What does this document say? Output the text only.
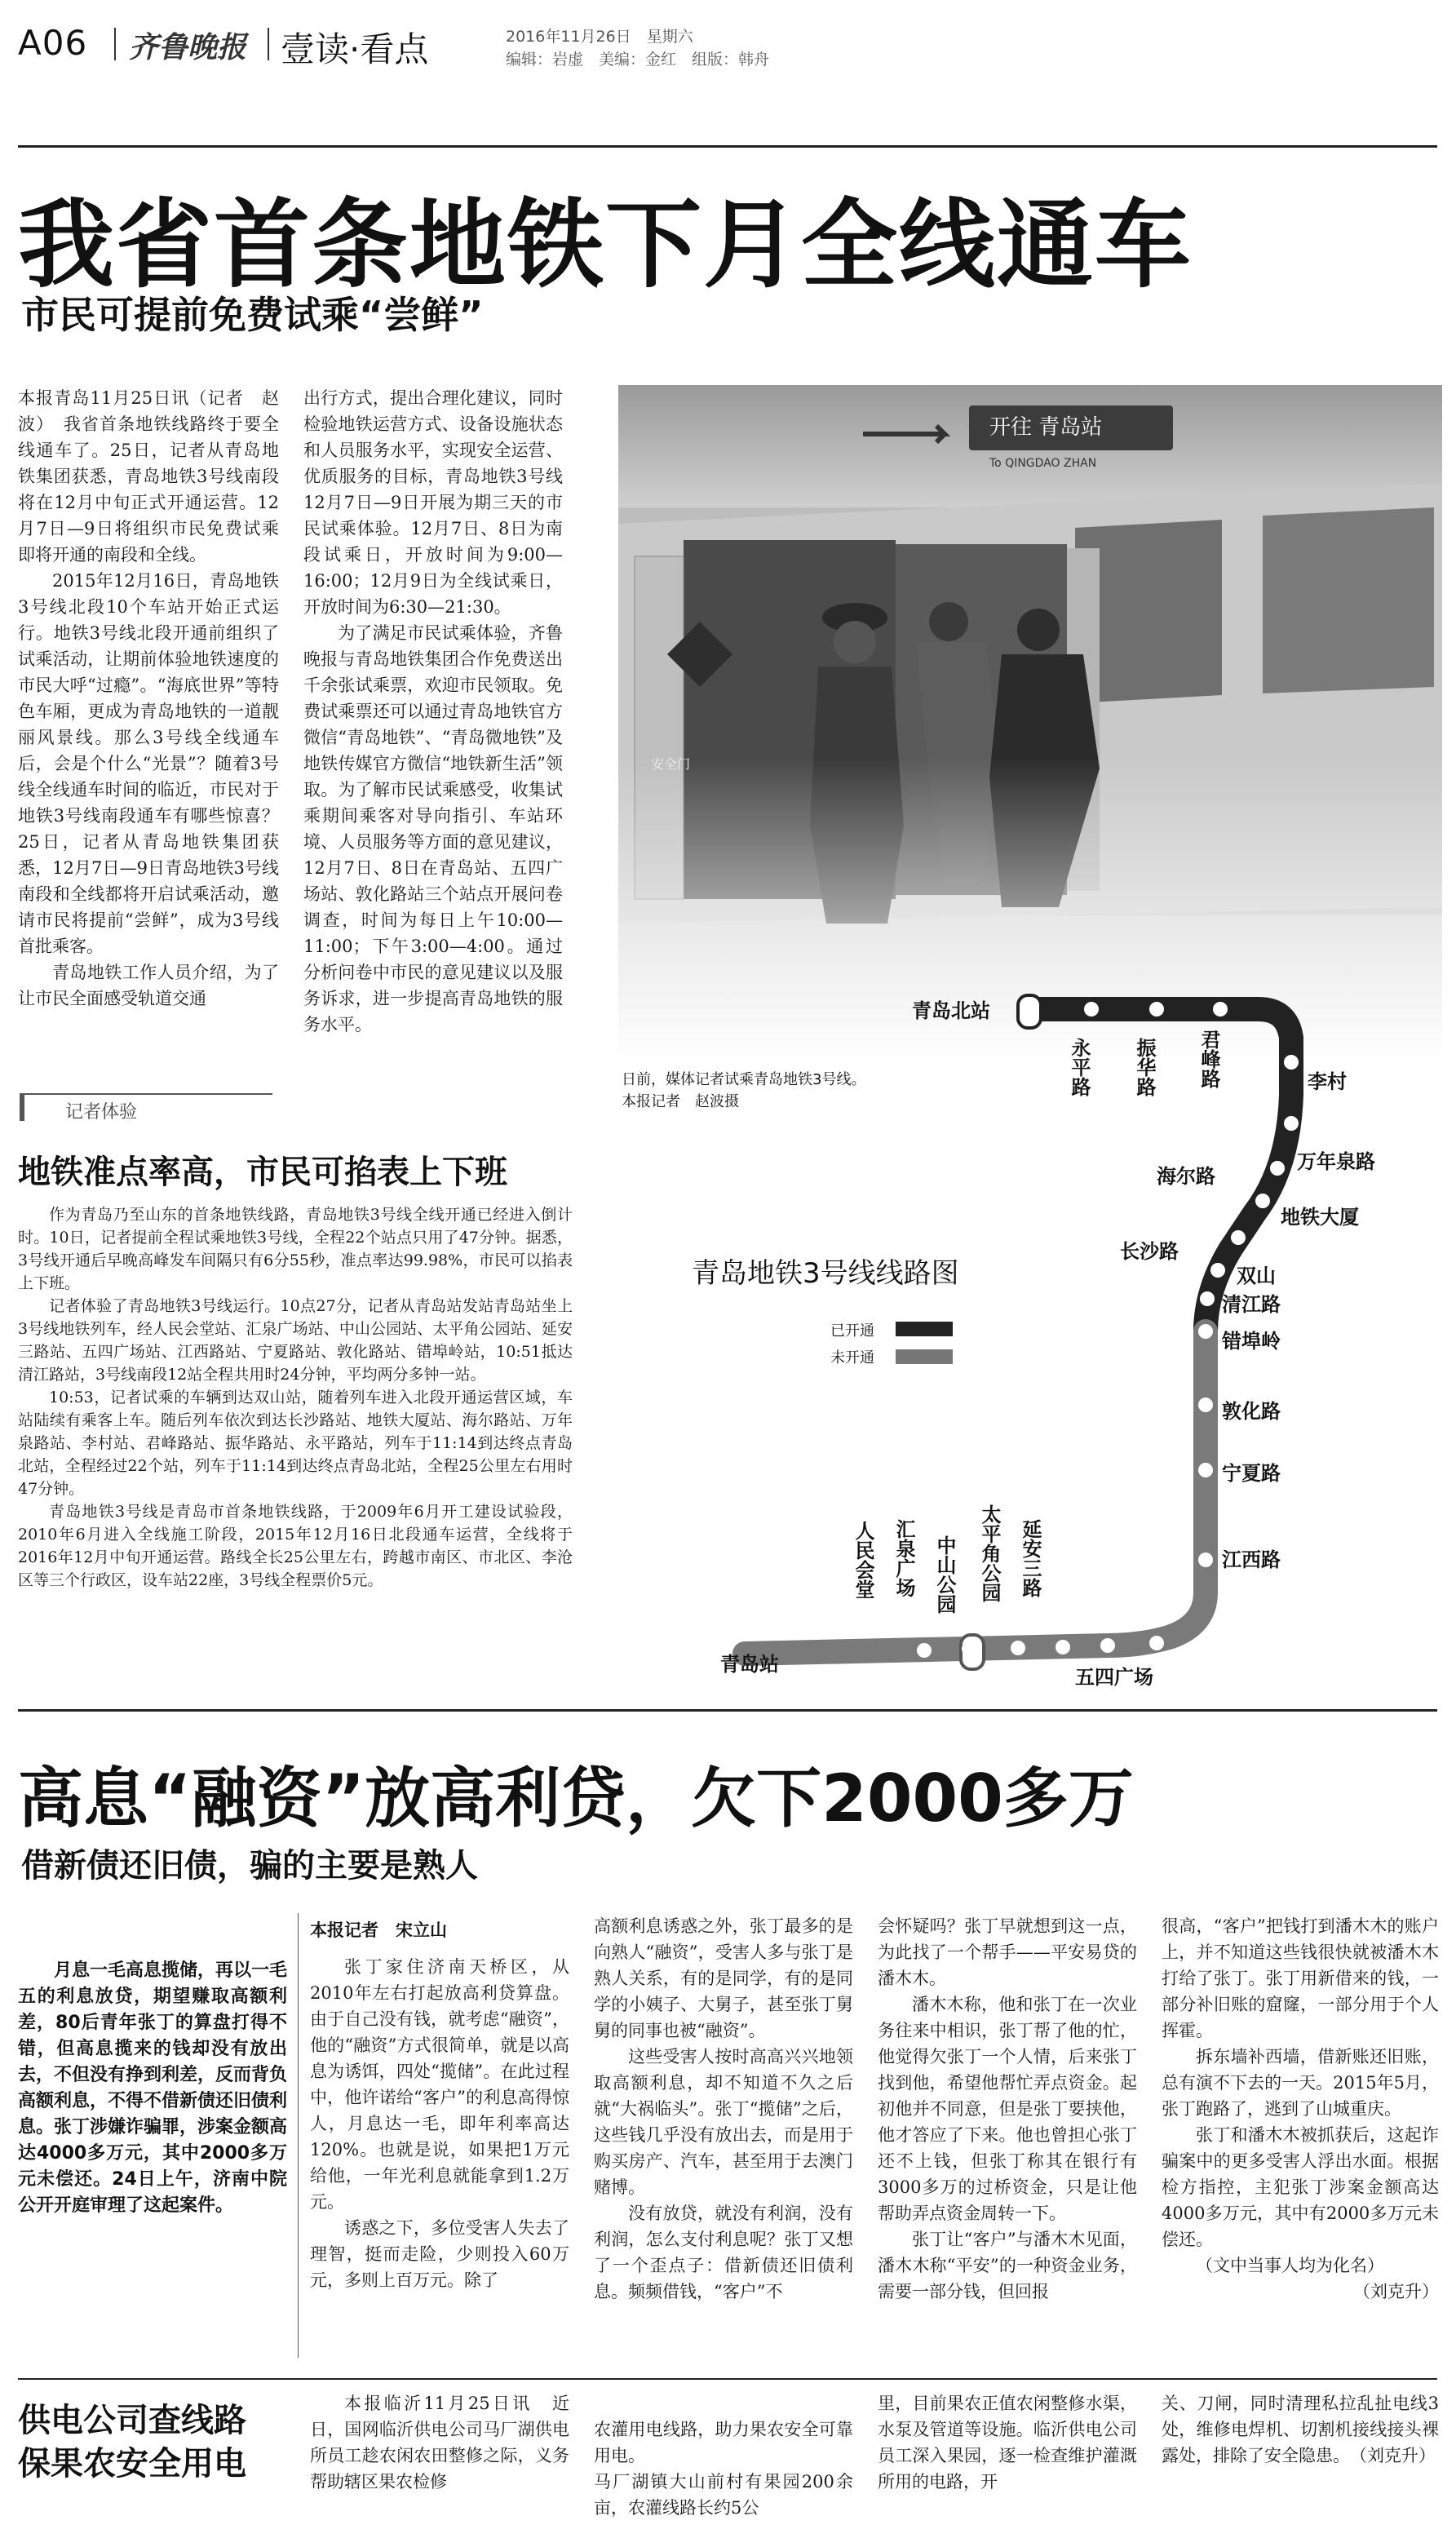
A06 齐鲁晚报 壹读·看点	2016年11月26日　星期六
编辑：岩虚　美编：金红　组版：韩舟
我省首条地铁下月全线通车
市民可提前免费试乘“尝鲜”

本报青岛11月25日讯（记者　赵波）　我省首条地铁线路终于要全线通车了。25日，记者从青岛地铁集团获悉，青岛地铁3号线南段将在12月中旬正式开通运营。12月7日—9日将组织市民免费试乘即将开通的南段和全线。

2015年12月16日，青岛地铁3号线北段10个车站开始正式运行。地铁3号线北段开通前组织了试乘活动，让期前体验地铁速度的市民大呼“过瘾”。“海底世界”等特色车厢，更成为青岛地铁的一道靓丽风景线。那么3号线全线通车后，会是个什么“光景”？随着3号线全线通车时间的临近，市民对于地铁3号线南段通车有哪些惊喜？25日，记者从青岛地铁集团获悉，12月7日—9日青岛地铁3号线南段和全线都将开启试乘活动，邀请市民将提前“尝鲜”，成为3号线首批乘客。

青岛地铁工作人员介绍，为了让市民全面感受轨道交通

出行方式，提出合理化建议，同时检验地铁运营方式、设备设施状态和人员服务水平，实现安全运营、优质服务的目标，青岛地铁3号线12月7日—9日开展为期三天的市民试乘体验。12月7日、8日为南段试乘日，开放时间为9:00—16:00；12月9日为全线试乘日，开放时间为6:30—21:30。

为了满足市民试乘体验，齐鲁晚报与青岛地铁集团合作免费送出千余张试乘票，欢迎市民领取。免费试乘票还可以通过青岛地铁官方微信“青岛地铁”、“青岛微地铁”及地铁传媒官方微信“地铁新生活”领取。为了解市民试乘感受，收集试乘期间乘客对导向指引、车站环境、人员服务等方面的意见建议，12月7日、8日在青岛站、五四广场站、敦化路站三个站点开展问卷调查，时间为每日上午10:00—11:00；下午3:00—4:00。通过分析问卷中市民的意见建议以及服务诉求，进一步提高青岛地铁的服务水平。

青岛地铁3号线线路图
已开通
未开通
青岛北站
永平路 振华路 君峰路	李村
万年泉路
海尔路
地铁大厦
长沙路
双山
清江路
错埠岭
敦化路
宁夏路
江西路
五四广场
延安三路
太平角公园
中山公园
汇泉广场
人民会堂
青岛站
日前，媒体记者试乘青岛地铁3号线。
本报记者　赵波摄
记者体验
地铁准点率高，市民可掐表上下班

作为青岛乃至山东的首条地铁线路，青岛地铁3号线全线开通已经进入倒计时。10日，记者提前全程试乘地铁3号线，全程22个站点只用了47分钟。据悉，3号线开通后早晚高峰发车间隔只有6分55秒，准点率达99.98%，市民可以掐表上下班。

记者体验了青岛地铁3号线运行。10点27分，记者从青岛站发站青岛站坐上3号线地铁列车，经人民会堂站、汇泉广场站、中山公园站、太平角公园站、延安三路站、五四广场站、江西路站、宁夏路站、敦化路站、错埠岭站，10:51抵达清江路站，3号线南段12站全程共用时24分钟，平均两分多钟一站。

10:53，记者试乘的车辆到达双山站，随着列车进入北段开通运营区域，车站陆续有乘客上车。随后列车依次到达长沙路站、地铁大厦站、海尔路站、万年泉路站、李村站、君峰路站、振华路站、永平路站，列车于11:14到达终点青岛北站，全程经过22个站，列车于11:14到达终点青岛北站，全程25公里左右用时47分钟。

青岛地铁3号线是青岛市首条地铁线路，于2009年6月开工建设试验段，2010年6月进入全线施工阶段，2015年12月16日北段通车运营，全线将于2016年12月中旬开通运营。路线全长25公里左右，跨越市南区、市北区、李沧区等三个行政区，设车站22座，3号线全程票价5元。

高息“融资”放高利贷，欠下2000多万
借新债还旧债，骗的主要是熟人
月息一毛高息揽储，再以一毛五的利息放贷，期望赚取高额利差，80后青年张丁的算盘打得不错，但高息揽来的钱却没有放出去，不但没有挣到利差，反而背负高额利息，不得不借新债还旧债利息。张丁涉嫌诈骗罪，涉案金额高达4000多万元，其中2000多万元未偿还。24日上午，济南中院公开开庭审理了这起案件。
本报记者　宋立山

张丁家住济南天桥区，从2010年左右打起放高利贷算盘。由于自己没有钱，就考虑“融资”，他的“融资”方式很简单，就是以高息为诱饵，四处“揽储”。在此过程中，他许诺给“客户”的利息高得惊人，月息达一毛，即年利率高达120%。也就是说，如果把1万元给他，一年光利息就能拿到1.2万元。

诱惑之下，多位受害人失去了理智，挺而走险，少则投入60万元，多则上百万元。除了

高额利息诱惑之外，张丁最多的是向熟人“融资”，受害人多与张丁是熟人关系，有的是同学，有的是同学的小姨子、大舅子，甚至张丁舅舅的同事也被“融资”。

这些受害人按时高高兴兴地领取高额利息，却不知道不久之后就“大祸临头”。张丁“揽储”之后，这些钱几乎没有放出去，而是用于购买房产、汽车，甚至用于去澳门赌博。

没有放贷，就没有利润，没有利润，怎么支付利息呢？张丁又想了一个歪点子：借新债还旧债利息。频频借钱，“客户”不

会怀疑吗？张丁早就想到这一点，为此找了一个帮手——平安易贷的潘木木。

潘木木称，他和张丁在一次业务往来中相识，张丁帮了他的忙，他觉得欠张丁一个人情，后来张丁找到他，希望他帮忙弄点资金。起初他并不同意，但是张丁要挟他，他才答应了下来。他也曾担心张丁还不上钱，但张丁称其在银行有3000多万的过桥资金，只是让他帮助弄点资金周转一下。

张丁让“客户”与潘木木见面，潘木木称“平安”的一种资金业务，需要一部分钱，但回报

很高，“客户”把钱打到潘木木的账户上，并不知道这些钱很快就被潘木木打给了张丁。张丁用新借来的钱，一部分补旧账的窟窿，一部分用于个人挥霍。

拆东墙补西墙，借新账还旧账，总有演不下去的一天。2015年5月，张丁跑路了，逃到了山城重庆。

张丁和潘木木被抓获后，这起诈骗案中的更多受害人浮出水面。根据检方指控，主犯张丁涉案金额高达4000多万元，其中有2000多万元未偿还。

（文中当事人均为化名）

（刘克升）

供电公司查线路
保果农安全用电

本报临沂11月25日讯　近日，国网临沂供电公司马厂湖供电所员工趁农闲农田整修之际，义务帮助辖区果农检修

农灌用电线路，助力果农安全可靠用电。
马厂湖镇大山前村有果园200余亩，农灌线路长约5公

里，目前果农正值农闲整修水渠，水泵及管道等设施。临沂供电公司员工深入果园，逐一检查维护灌溉所用的电路，开

关、刀闸，同时清理私拉乱扯电线3处，维修电焊机、切割机接线接头裸露处，排除了安全隐患。　（刘克升）
